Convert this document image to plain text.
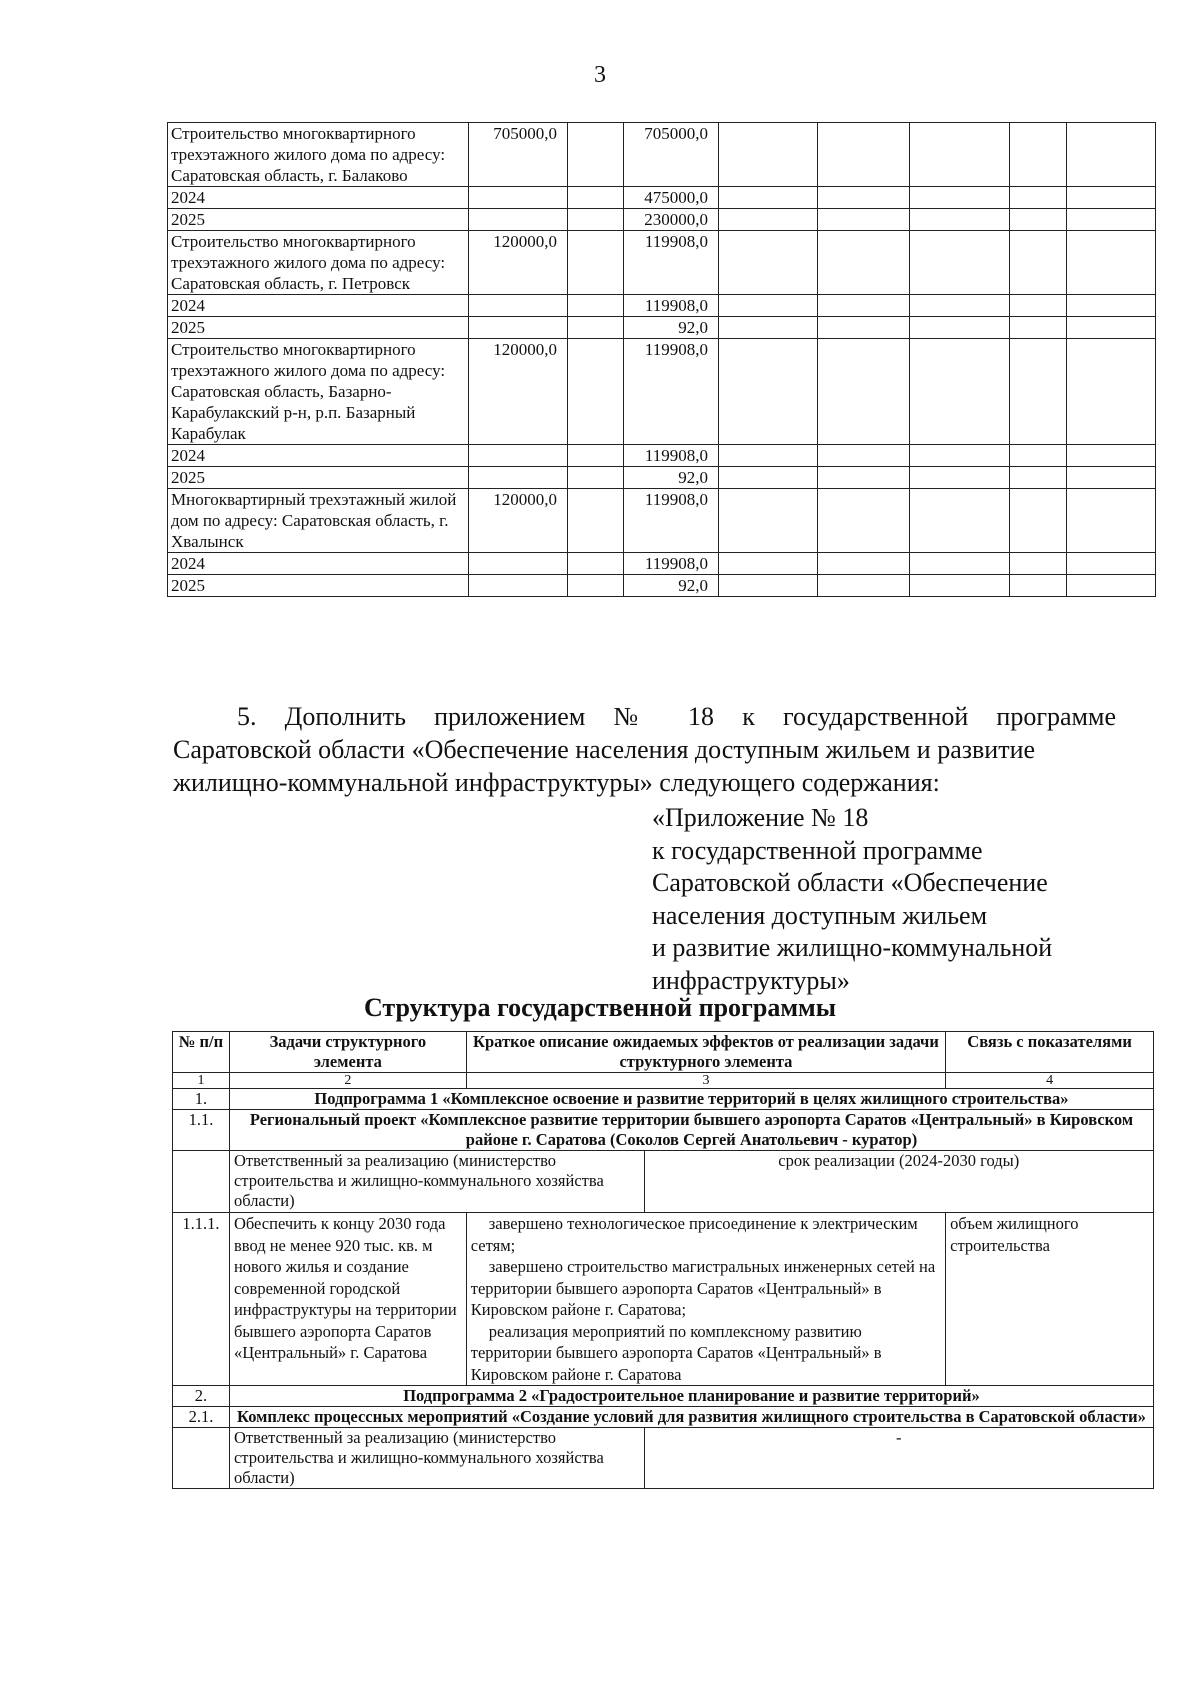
3
Строительство многоквартирного трехэтажного жилого дома по адресу: Саратовская область, г. Балаково	705000,0		705000,0					
2024			475000,0					
2025			230000,0					
Строительство многоквартирного трехэтажного жилого дома по адресу: Саратовская область, г. Петровск	120000,0		119908,0					
2024			119908,0					
2025			92,0					
Строительство многоквартирного трехэтажного жилого дома по адресу: Саратовская область, Базарно-Карабулакский р-н, р.п. Базарный Карабулак	120000,0		119908,0					
2024			119908,0					
2025			92,0					
Многоквартирный трехэтажный жилой дом по адресу: Саратовская область, г. Хвалынск	120000,0		119908,0					
2024			119908,0					
2025			92,0					
5. Дополнить приложением № 18 к государственной программе
Саратовской области «Обеспечение населения доступным жильем и развитие
жилищно-коммунальной инфраструктуры» следующего содержания:
«Приложение № 18
к государственной программе
Саратовской области «Обеспечение
населения доступным жильем
и развитие жилищно-коммунальной
инфраструктуры»
Структура государственной программы
№ п/п	Задачи структурного элемента	Краткое описание ожидаемых эффектов от реализации задачи структурного элемента		Связь с показателями
1	2	3		4
1.	Подпрограмма 1 «Комплексное освоение и развитие территорий в целях жилищного строительства»			
1.1.	Региональный проект «Комплексное развитие территории бывшего аэропорта Саратов «Центральный» в Кировском районе г. Саратова (Соколов Сергей Анатольевич - куратор)			
	Ответственный за реализацию (министерство строительства и жилищно-коммунального хозяйства области)		срок реализации (2024-2030 годы)	
1.1.1.	Обеспечить к концу 2030 года ввод не менее 920 тыс. кв. м нового жилья и создание современной городской инфраструктуры на территории бывшего аэропорта Саратов «Центральный» г. Саратова	завершено технологическое присоединение к электрическим сетям;
завершено строительство магистральных инженерных сетей на территории бывшего аэропорта Саратов «Центральный» в Кировском районе г. Саратова;
реализация мероприятий по комплексному развитию территории бывшего аэропорта Саратов «Центральный» в Кировском районе г. Саратова		объем жилищного строительства
2.	Подпрограмма 2 «Градостроительное планирование и развитие территорий»			
2.1.	Комплекс процессных мероприятий «Создание условий для развития жилищного строительства в Саратовской области»			
	Ответственный за реализацию (министерство строительства и жилищно-коммунального хозяйства области)		-	
